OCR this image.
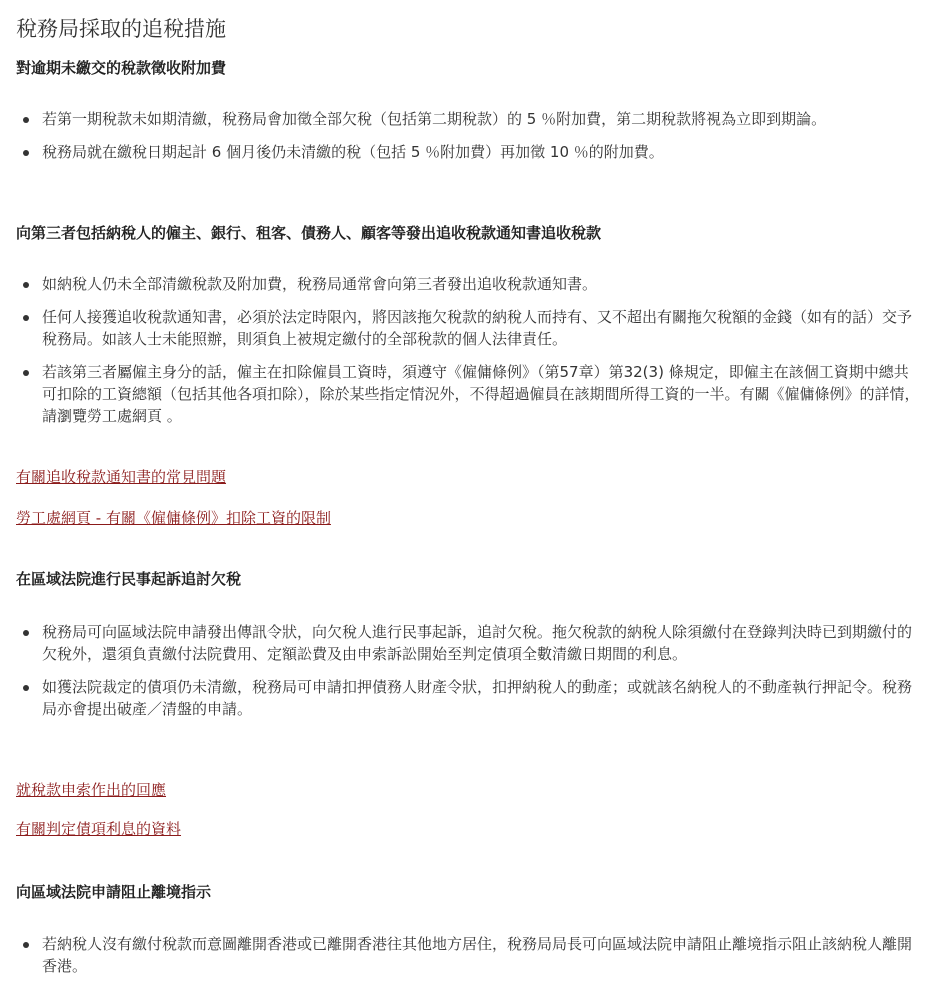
稅務局採取的追稅措施
對逾期未繳交的稅款徵收附加費
若第一期稅款未如期清繳，稅務局會加徵全部欠稅（包括第二期稅款）的 5 ％附加費，第二期稅款將視為立即到期論。
稅務局就在繳稅日期起計 6 個月後仍未清繳的稅（包括 5 ％附加費）再加徵 10 ％的附加費。
向第三者包括納稅人的僱主、銀行、租客、債務人、顧客等發出追收稅款通知書追收稅款
如納稅人仍未全部清繳稅款及附加費，稅務局通常會向第三者發出追收稅款通知書。
任何人接獲追收稅款通知書，必須於法定時限內，將因該拖欠稅款的納稅人而持有、又不超出有關拖欠稅額的金錢（如有的話）交予稅務局。如該人士未能照辦，則須負上被規定繳付的全部稅款的個人法律責任。
若該第三者屬僱主身分的話，僱主在扣除僱員工資時，須遵守《僱傭條例》（第57章）第32(3) 條規定，即僱主在該個工資期中總共可扣除的工資總額（包括其他各項扣除），除於某些指定情況外，不得超過僱員在該期間所得工資的一半。有關《僱傭條例》的詳情，請瀏覽勞工處網頁 。
有關追收稅款通知書的常見問題
勞工處網頁 - 有關《僱傭條例》扣除工資的限制
在區域法院進行民事起訴追討欠稅
稅務局可向區域法院申請發出傳訊令狀，向欠稅人進行民事起訴，追討欠稅。拖欠稅款的納稅人除須繳付在登錄判決時已到期繳付的欠稅外，還須負責繳付法院費用、定額訟費及由申索訴訟開始至判定債項全數清繳日期間的利息。
如獲法院裁定的債項仍未清繳，稅務局可申請扣押債務人財產令狀，扣押納稅人的動產；或就該名納稅人的不動產執行押記令。稅務局亦會提出破產／清盤的申請。
就稅款申索作出的回應
有關判定債項利息的資料
向區域法院申請阻止離境指示
若納稅人沒有繳付稅款而意圖離開香港或已離開香港往其他地方居住，稅務局局長可向區域法院申請阻止離境指示阻止該納稅人離開香港。
